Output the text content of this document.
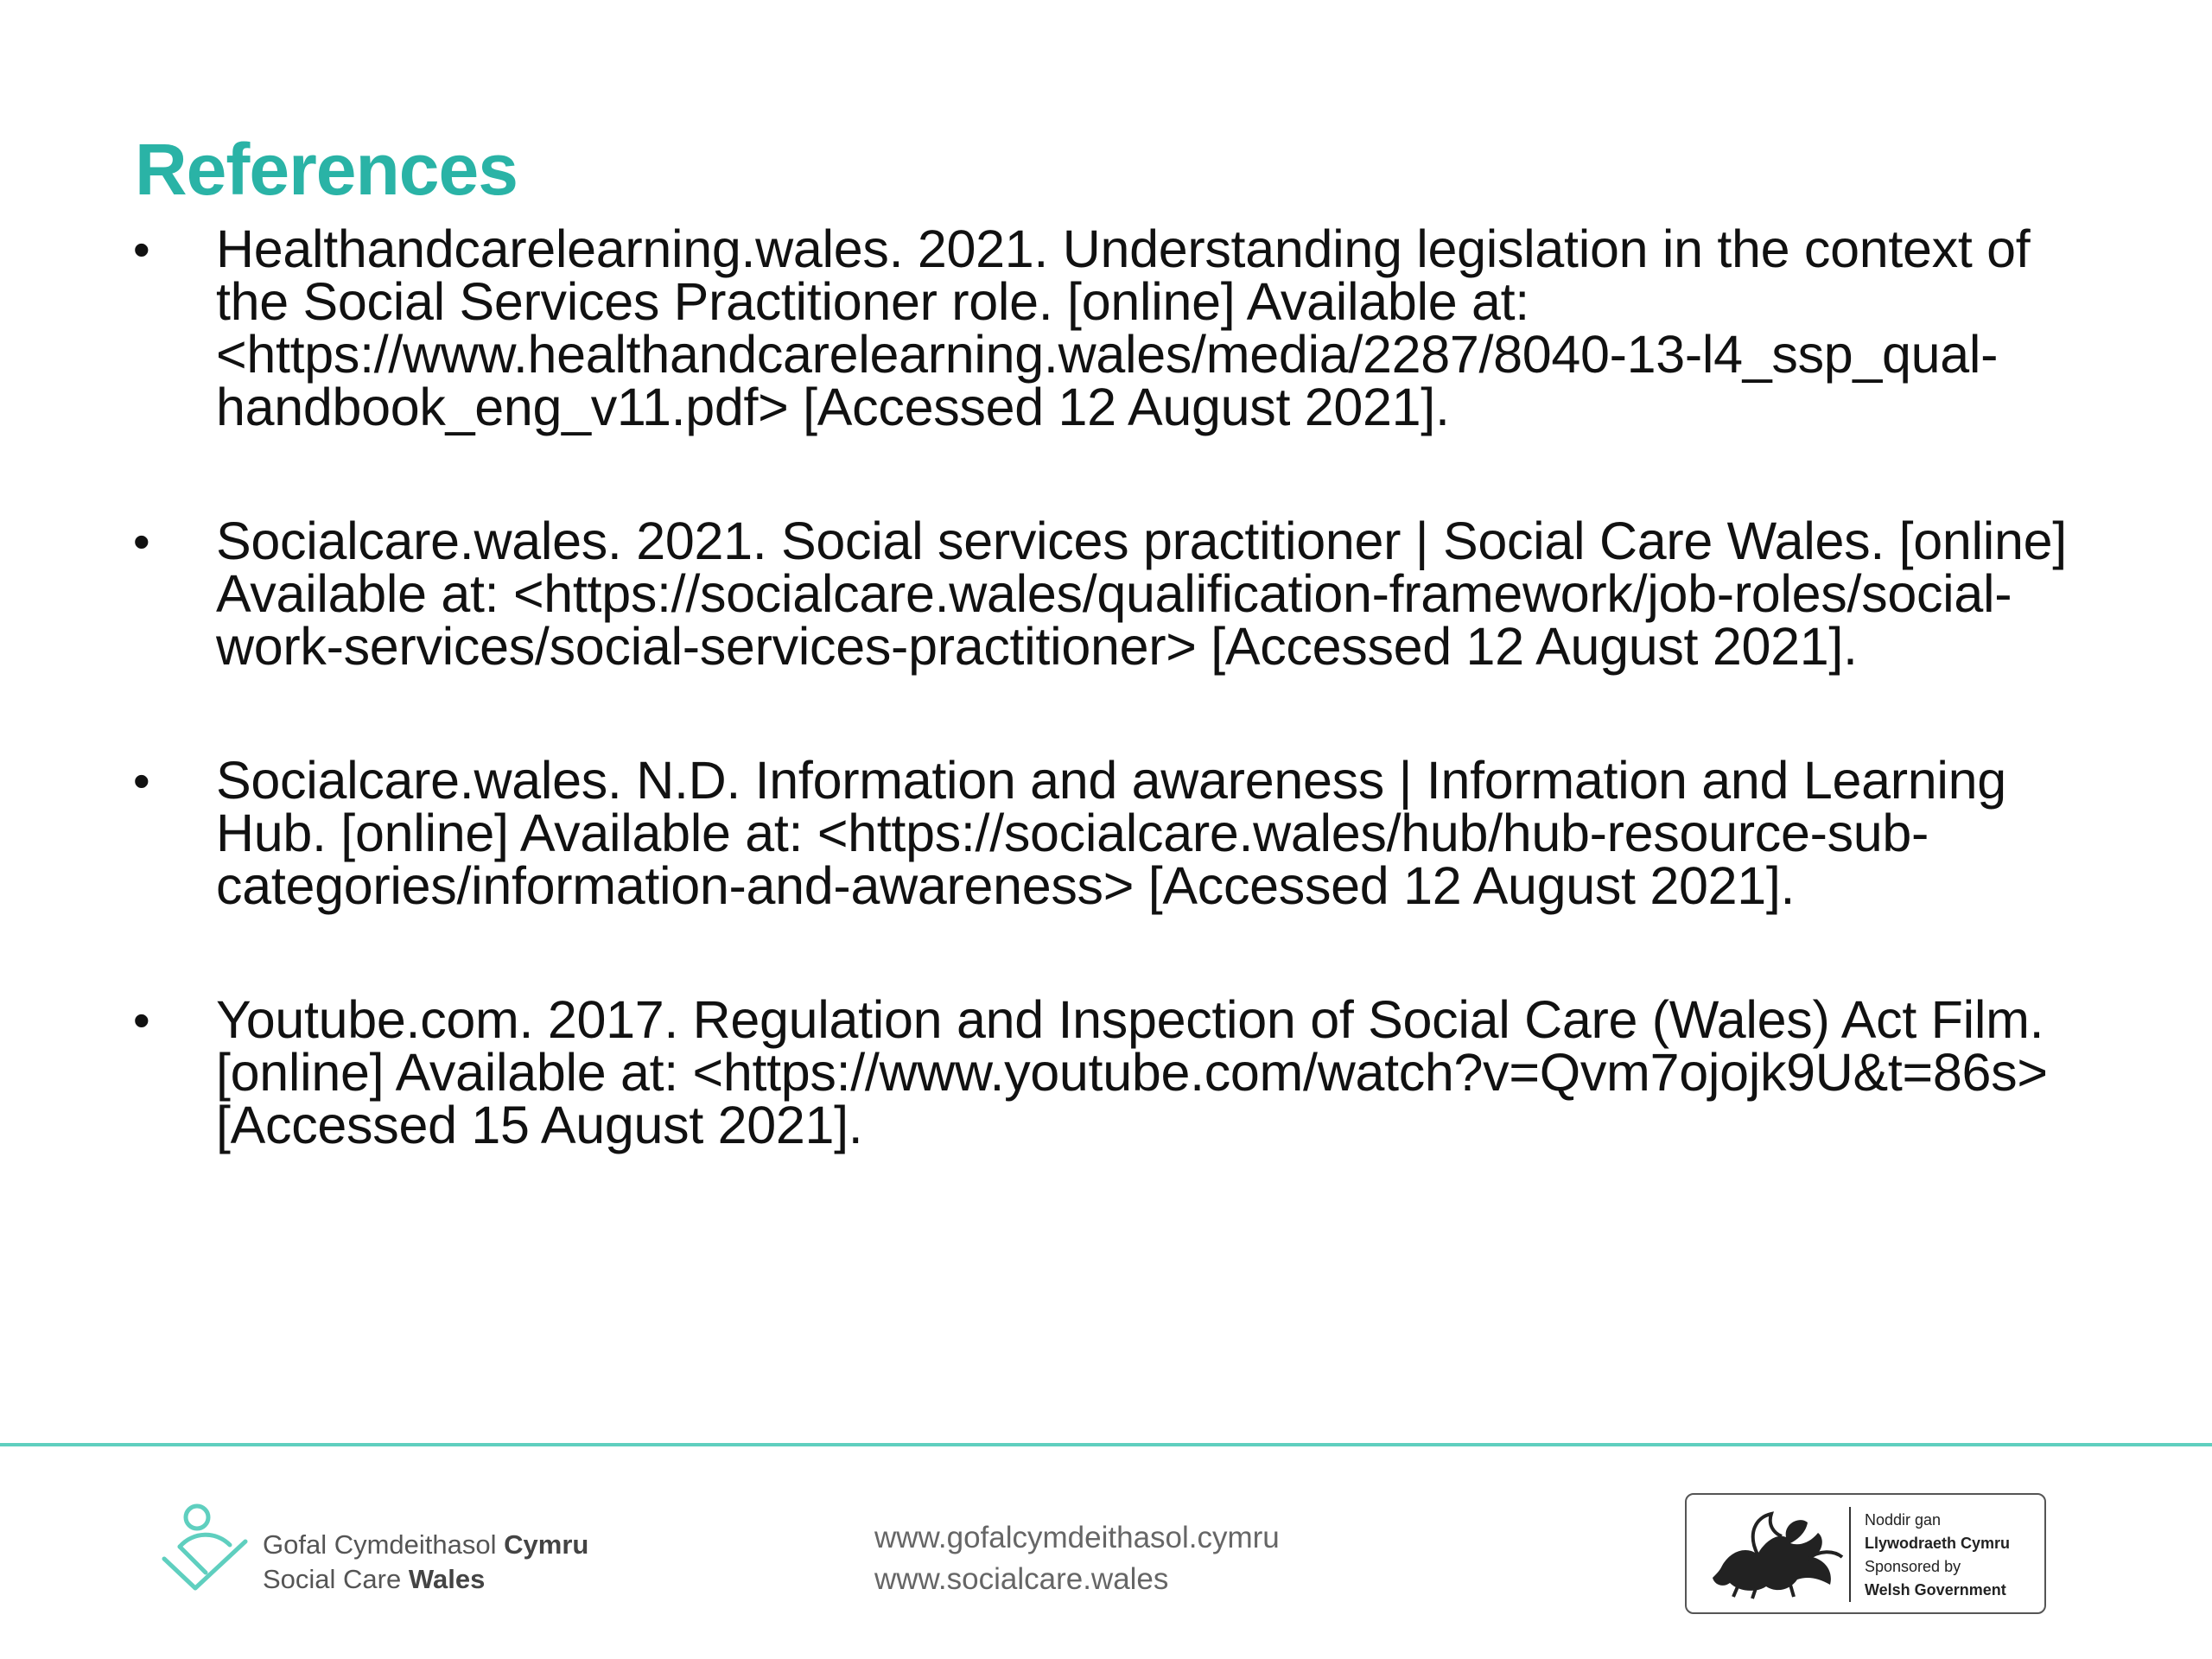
References
• Healthandcarelearning.wales. 2021. Understanding legislation in the context of the Social Services Practitioner role. [online] Available at: <https://www.healthandcarelearning.wales/media/2287/8040-13-l4_ssp_qual-handbook_eng_v11.pdf> [Accessed 12 August 2021].
• Socialcare.wales. 2021. Social services practitioner | Social Care Wales. [online] Available at: <https://socialcare.wales/qualification-framework/job-roles/social-work-services/social-services-practitioner> [Accessed 12 August 2021].
• Socialcare.wales. N.D. Information and awareness | Information and Learning Hub. [online] Available at: <https://socialcare.wales/hub/hub-resource-sub-categories/information-and-awareness> [Accessed 12 August 2021].
• Youtube.com. 2017. Regulation and Inspection of Social Care (Wales) Act Film. [online] Available at: <https://www.youtube.com/watch?v=Qvm7ojojk9U&t=86s> [Accessed 15 August 2021].
Gofal Cymdeithasol Cymru
Social Care Wales
www.gofalcymdeithasol.cymru
www.socialcare.wales
Noddir gan
Llywodraeth Cymru
Sponsored by
Welsh Government
